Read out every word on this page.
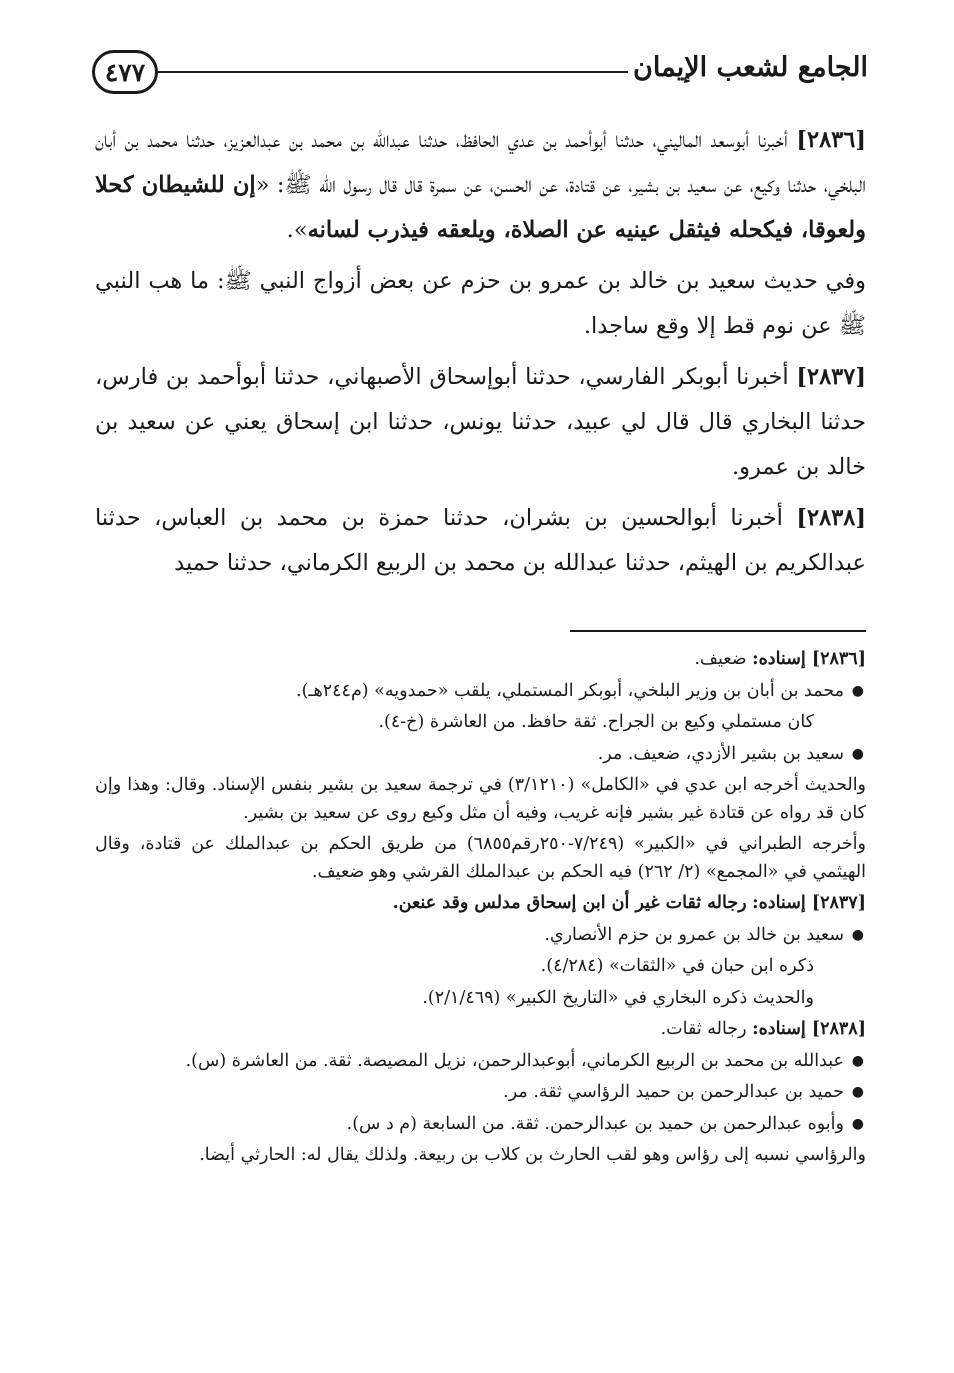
٤٧٧	الجامع لشعب الإيمان

[٢٨٣٦] أخبرنا أبوسعد الماليني، حدثنا أبوأحمد بن عدي الحافظ، حدثنا عبدالله بن محمد بن عبدالعزيز، حدثنا محمد بن أبان البلخي، حدثنا وكيع، عن سعيد بن بشير، عن قتادة، عن الحسن، عن سمرة قال قال رسول الله ﷺ: «إن للشيطان كحلا ولعوقا، فيكحله فيثقل عينيه عن الصلاة، ويلعقه فيذرب لسانه».

وفي حديث سعيد بن خالد بن عمرو بن حزم عن بعض أزواج النبي ﷺ: ما هب النبي ﷺ عن نوم قط إلا وقع ساجدا.

[٢٨٣٧] أخبرنا أبوبكر الفارسي، حدثنا أبوإسحاق الأصبهاني، حدثنا أبوأحمد بن فارس، حدثنا البخاري قال قال لي عبيد، حدثنا يونس، حدثنا ابن إسحاق يعني عن سعيد بن خالد بن عمرو.

[٢٨٣٨] أخبرنا أبوالحسين بن بشران، حدثنا حمزة بن محمد بن العباس، حدثنا عبدالكريم بن الهيثم، حدثنا عبدالله بن محمد بن الربيع الكرماني، حدثنا حميد

[٢٨٣٦] إسناده: ضعيف.

● محمد بن أبان بن وزير البلخي، أبوبكر المستملي، يلقب «حمدويه» (م٢٤٤هـ).

كان مستملي وكيع بن الجراح. ثقة حافظ. من العاشرة (خ-٤).

● سعيد بن بشير الأزدي، ضعيف. مر.

والحديث أخرجه ابن عدي في «الكامل» (٣/١٢١٠) في ترجمة سعيد بن بشير بنفس الإسناد. وقال: وهذا وإن كان قد رواه عن قتادة غير بشير فإنه غريب، وفيه أن مثل وكيع روى عن سعيد بن بشير.

وأخرجه الطبراني في «الكبير» (٧/٢٤٩-٢٥٠رقم٦٨٥٥) من طريق الحكم بن عبدالملك عن قتادة، وقال الهيثمي في «المجمع» (٢/ ٢٦٢) فيه الحكم بن عبدالملك القرشي وهو ضعيف.

[٢٨٣٧] إسناده: رجاله ثقات غير أن ابن إسحاق مدلس وقد عنعن.

● سعيد بن خالد بن عمرو بن حزم الأنصاري.

ذكره ابن حبان في «الثقات» (٤/٢٨٤).

والحديث ذكره البخاري في «التاريخ الكبير» (٢/١/٤٦٩).

[٢٨٣٨] إسناده: رجاله ثقات.

● عبدالله بن محمد بن الربيع الكرماني، أبوعبدالرحمن، نزيل المصيصة. ثقة. من العاشرة (س).

● حميد بن عبدالرحمن بن حميد الرؤاسي ثقة. مر.

● وأبوه عبدالرحمن بن حميد بن عبدالرحمن. ثقة. من السابعة (م د س).

والرؤاسي نسبه إلى رؤاس وهو لقب الحارث بن كلاب بن ربيعة. ولذلك يقال له: الحارثي أيضا.
